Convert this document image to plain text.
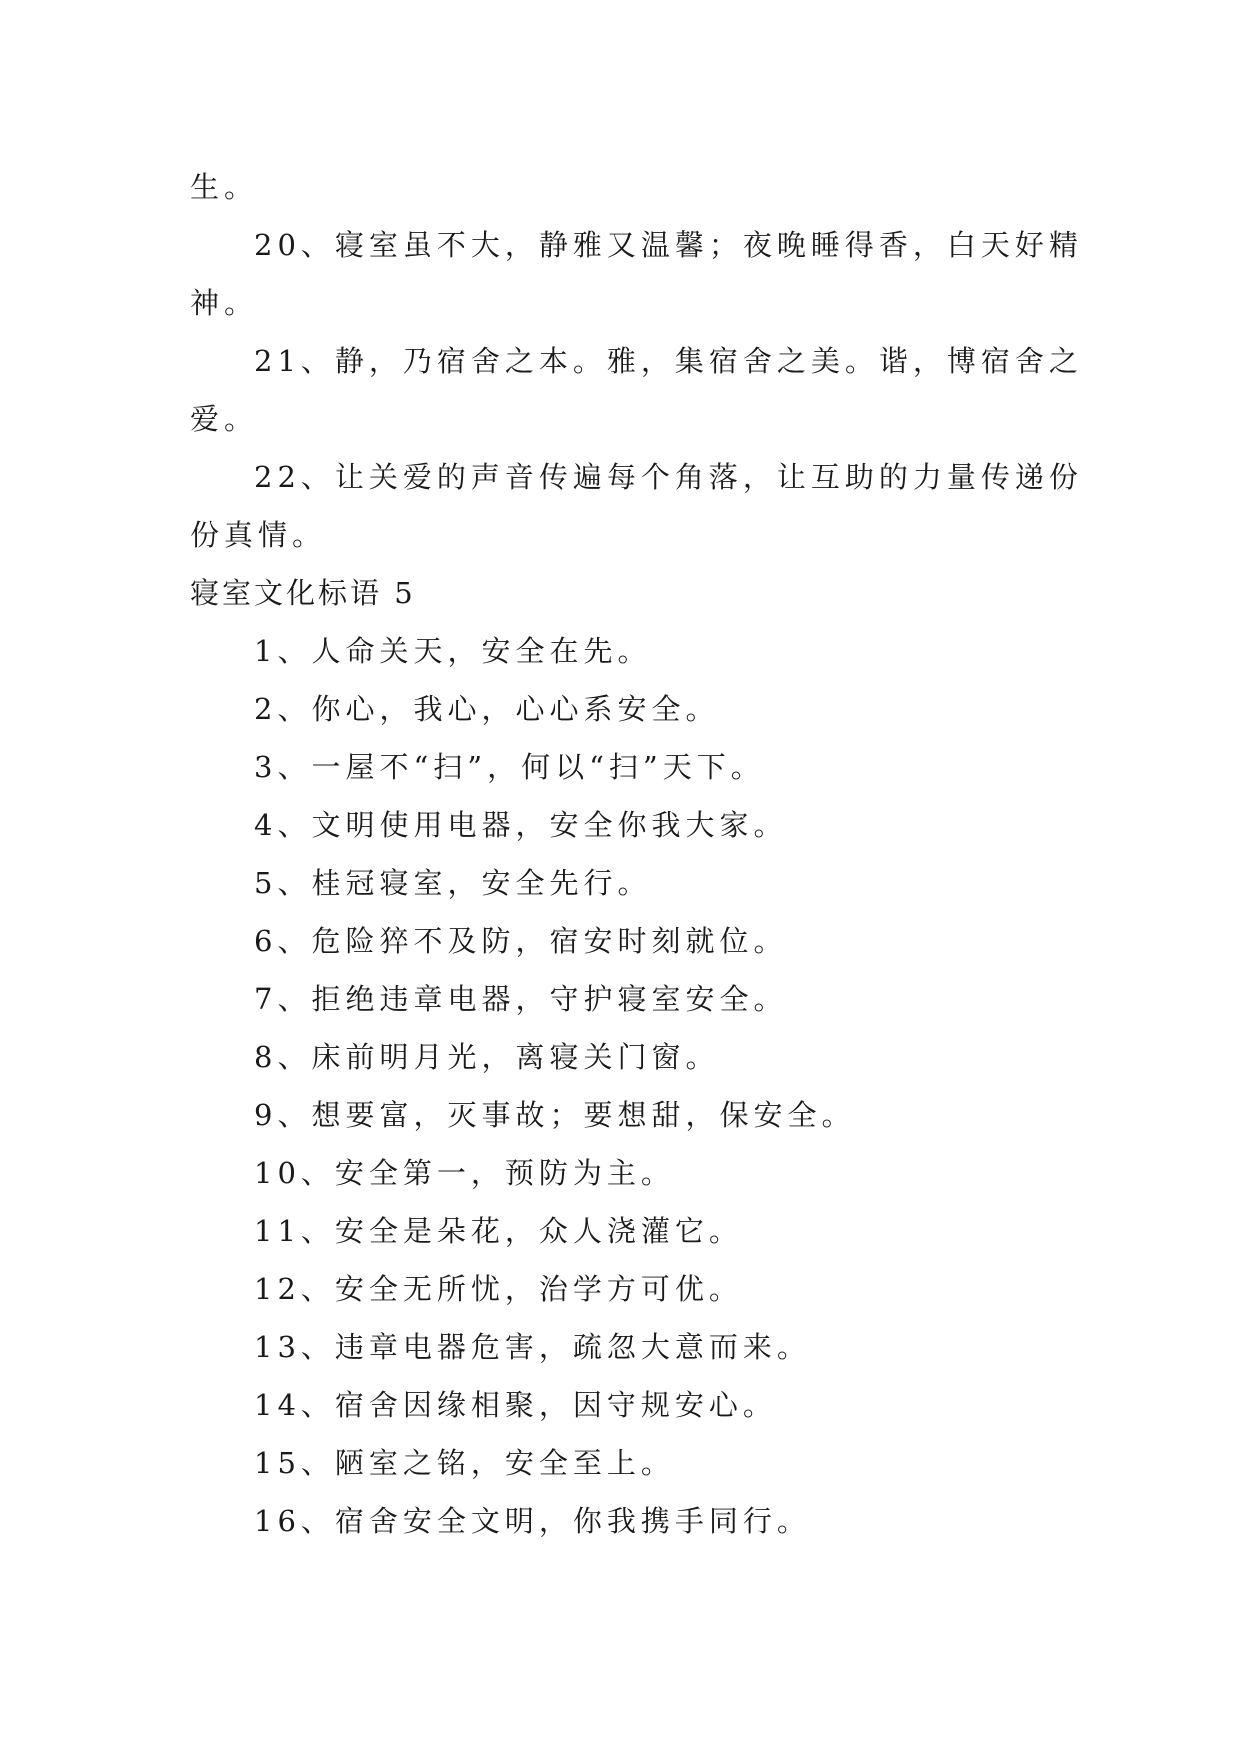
生。
20、寝室虽不大，静雅又温馨；夜晚睡得香，白天好精
神。
21、静，乃宿舍之本。雅，集宿舍之美。谐，博宿舍之
爱。
22、让关爱的声音传遍每个角落，让互助的力量传递份
份真情。
寝室文化标语 5
1、人命关天，安全在先。
2、你心，我心，心心系安全。
3、一屋不“扫”，何以“扫”天下。
4、文明使用电器，安全你我大家。
5、桂冠寝室，安全先行。
6、危险猝不及防，宿安时刻就位。
7、拒绝违章电器，守护寝室安全。
8、床前明月光，离寝关门窗。
9、想要富，灭事故；要想甜，保安全。
10、安全第一，预防为主。
11、安全是朵花，众人浇灌它。
12、安全无所忧，治学方可优。
13、违章电器危害，疏忽大意而来。
14、宿舍因缘相聚，因守规安心。
15、陋室之铭，安全至上。
16、宿舍安全文明，你我携手同行。
